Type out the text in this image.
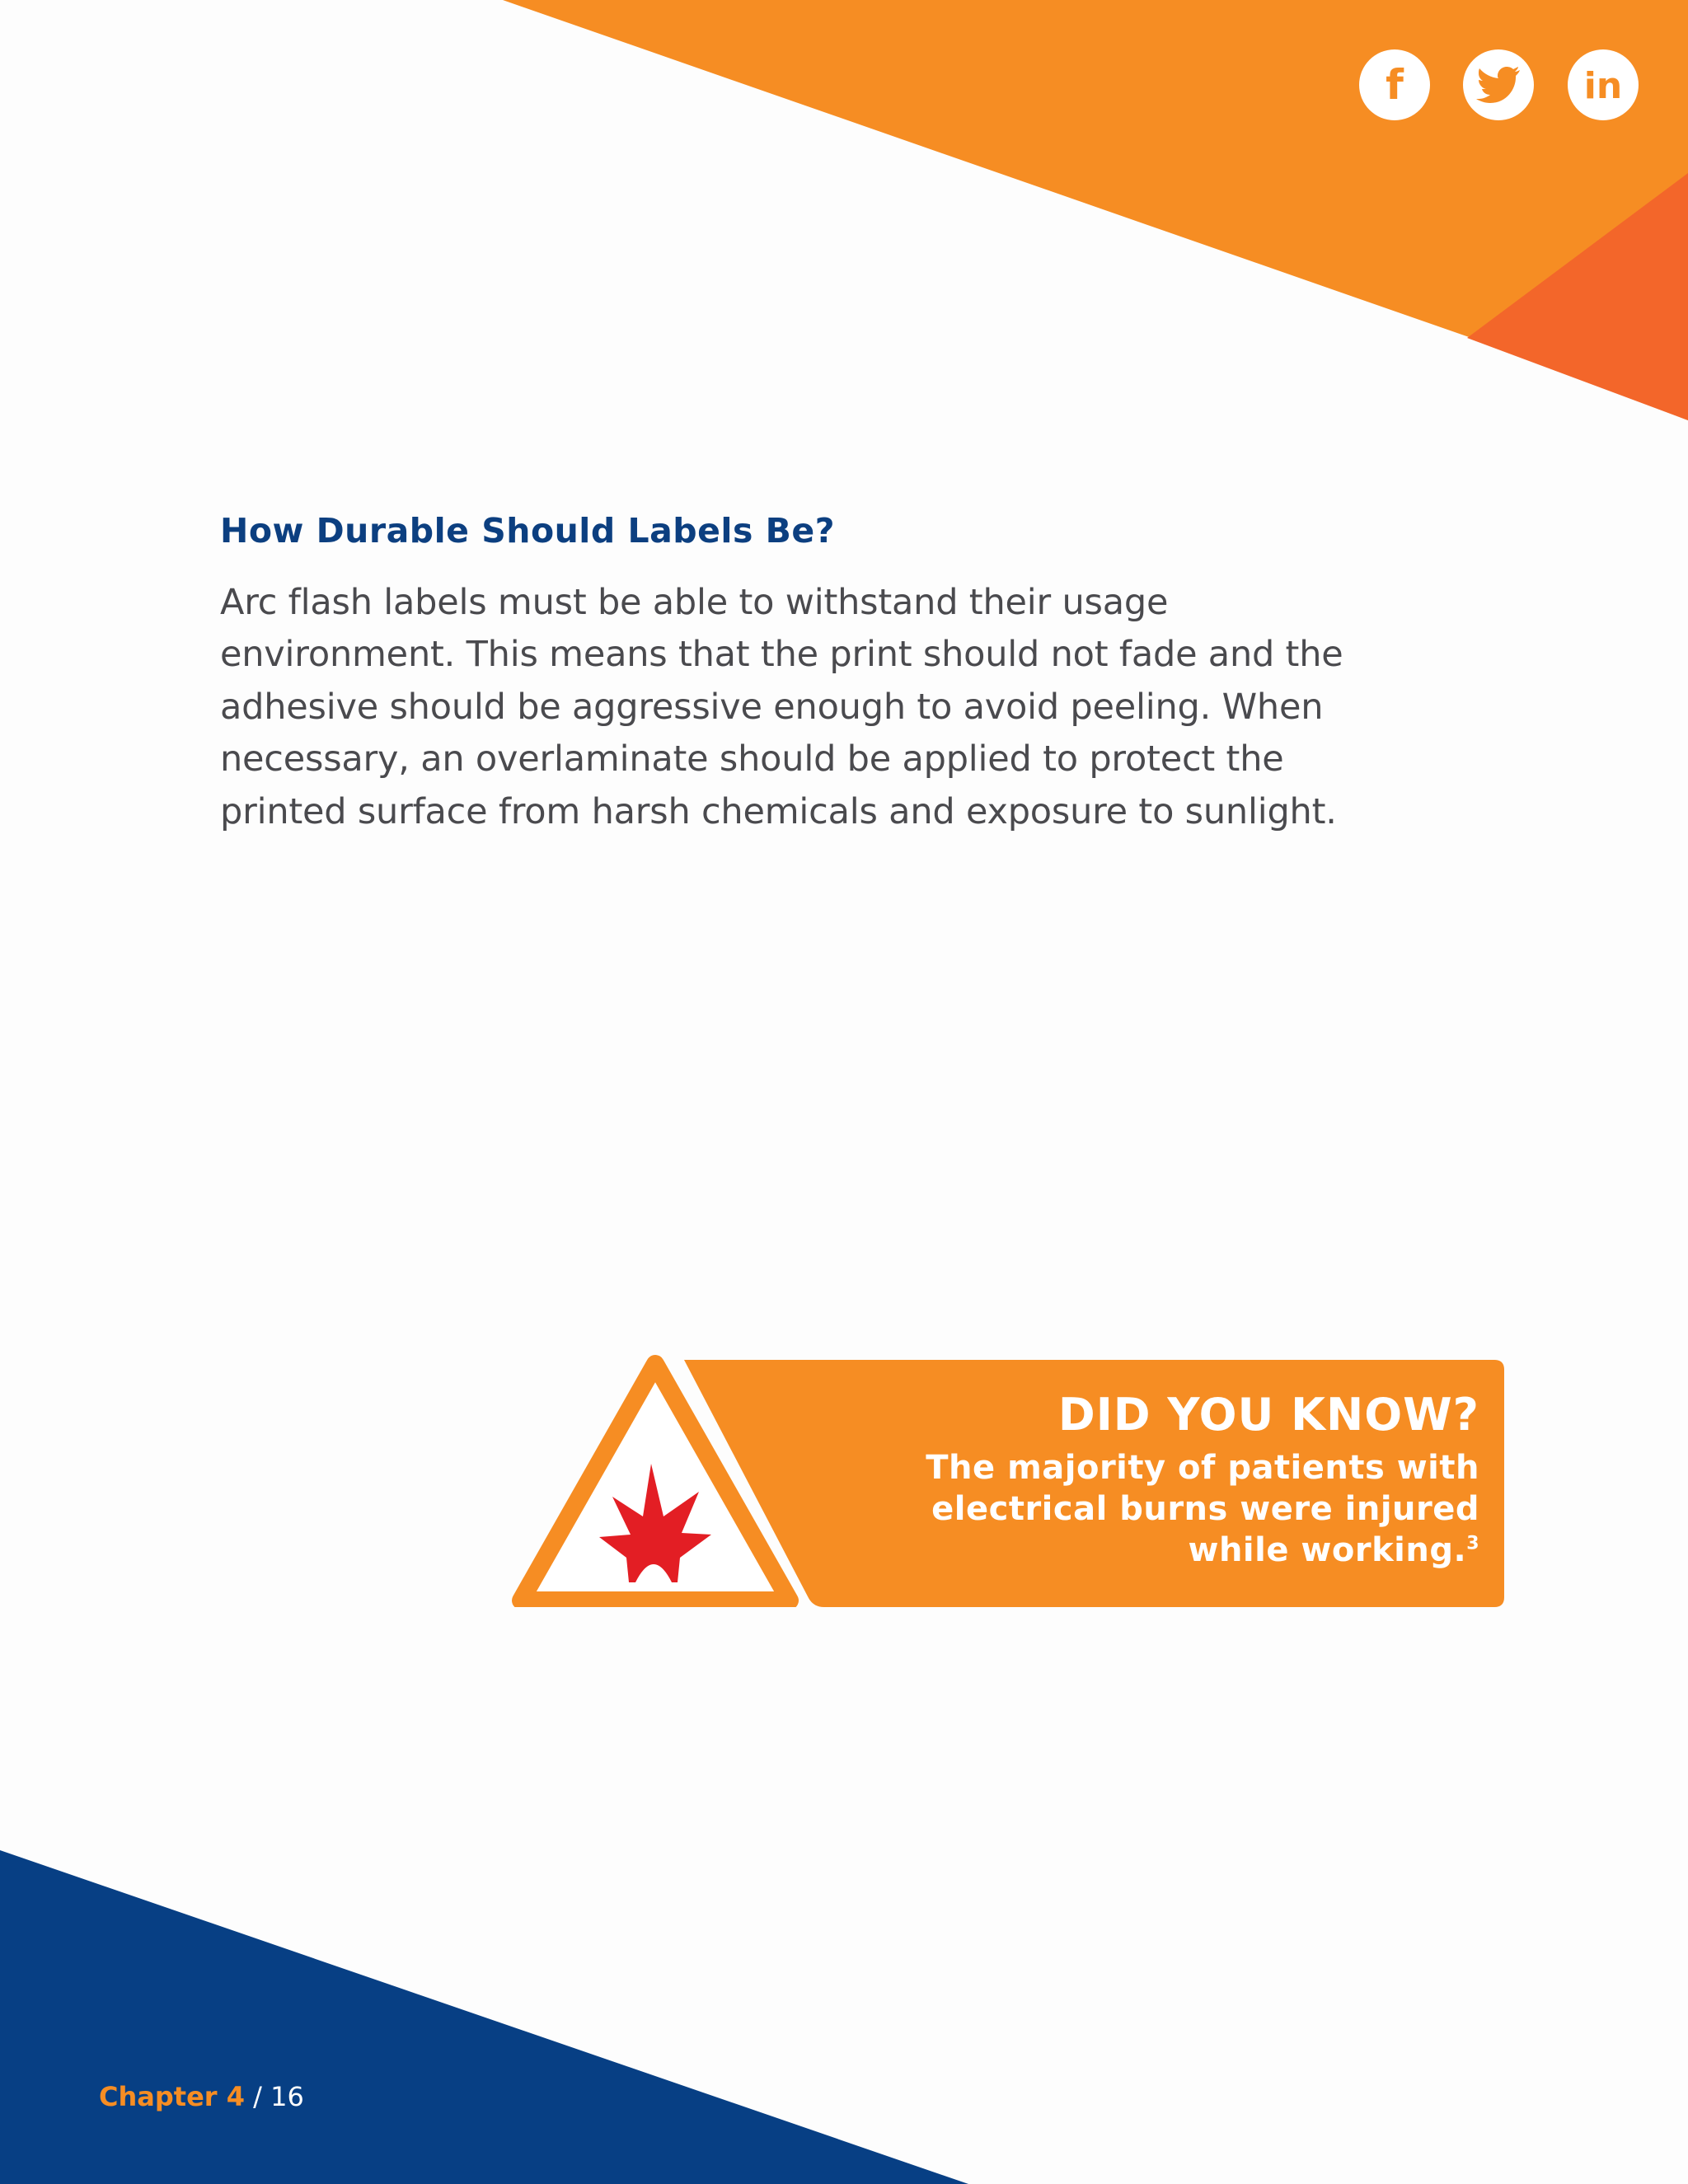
f	in
How Durable Should Labels Be?

Arc flash labels must be able to withstand their usage

environment. This means that the print should not fade and the

adhesive should be aggressive enough to avoid peeling. When

necessary, an overlaminate should be applied to protect the

printed surface from harsh chemicals and exposure to sunlight.

DID YOU KNOW?

The majority of patients with

electrical burns were injured

while working.$^3$

Chapter 4 / 16
